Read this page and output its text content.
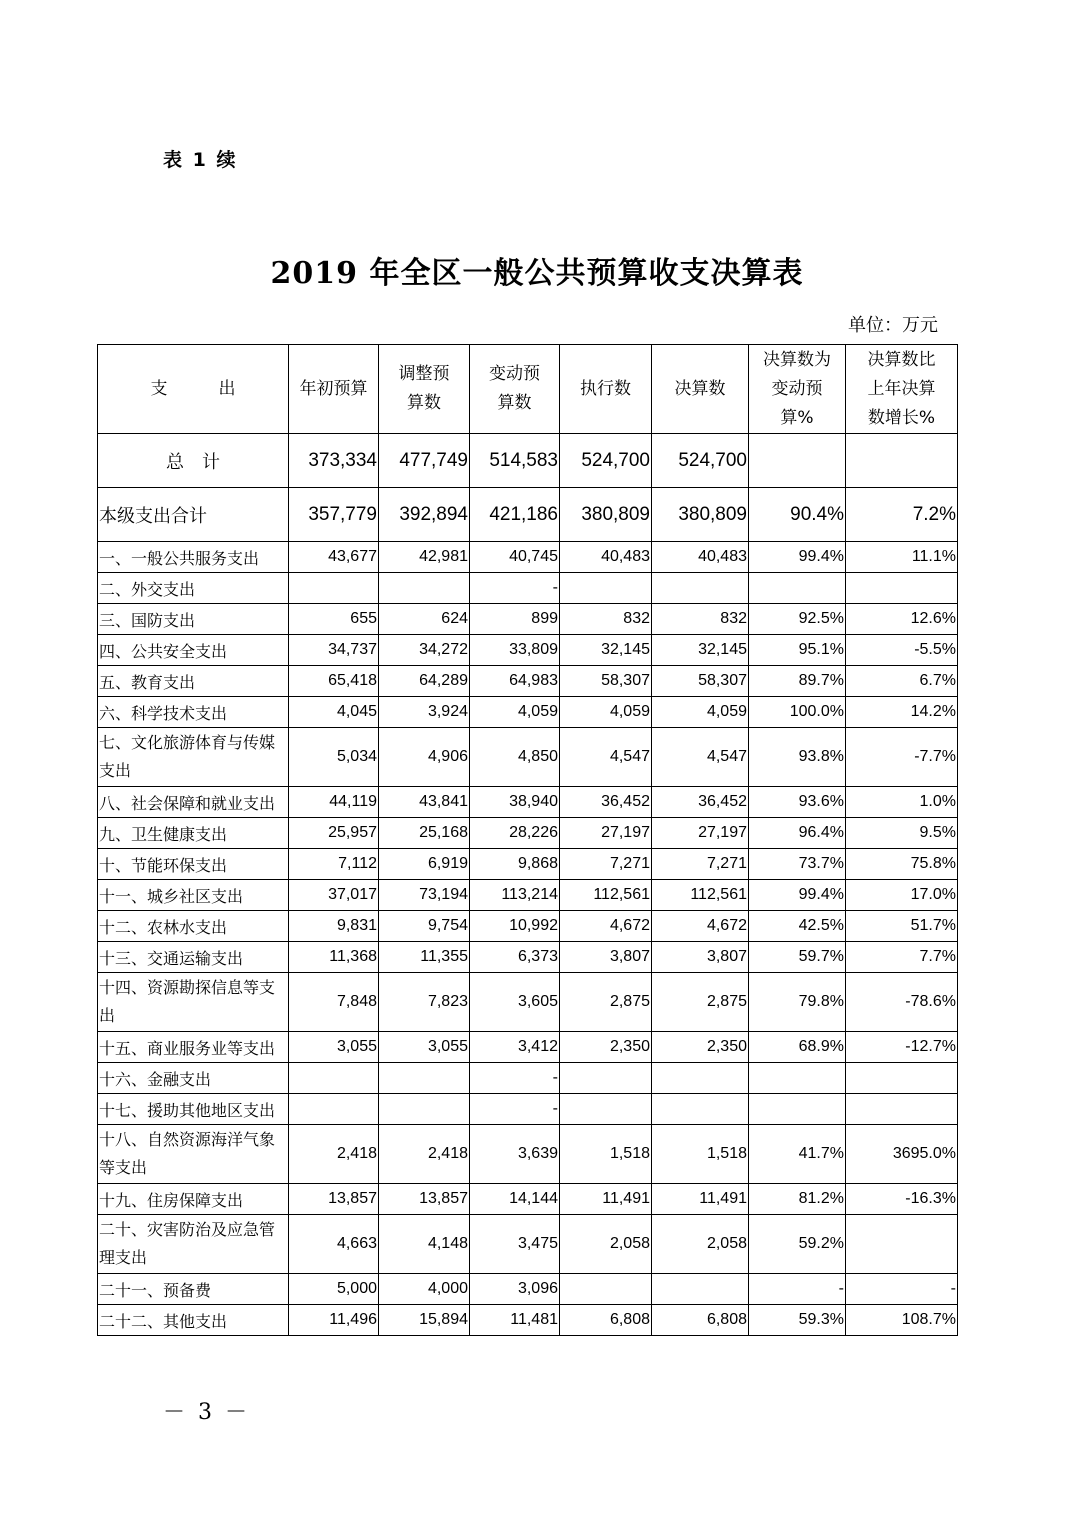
表 1 续
2019 年全区一般公共预算收支决算表
单位：万元
支　　　出	年初预算	调整预算数	变动预算数	执行数	决算数	决算数为变动预算%	决算数比上年决算数增长%
总　计	373,334	477,749	514,583	524,700	524,700		
本级支出合计	357,779	392,894	421,186	380,809	380,809	90.4%	7.2%
一、一般公共服务支出	43,677	42,981	40,745	40,483	40,483	99.4%	11.1%
二、外交支出			-				
三、国防支出	655	624	899	832	832	92.5%	12.6%
四、公共安全支出	34,737	34,272	33,809	32,145	32,145	95.1%	-5.5%
五、教育支出	65,418	64,289	64,983	58,307	58,307	89.7%	6.7%
六、科学技术支出	4,045	3,924	4,059	4,059	4,059	100.0%	14.2%
七、文化旅游体育与传媒支出	5,034	4,906	4,850	4,547	4,547	93.8%	-7.7%
八、社会保障和就业支出	44,119	43,841	38,940	36,452	36,452	93.6%	1.0%
九、卫生健康支出	25,957	25,168	28,226	27,197	27,197	96.4%	9.5%
十、节能环保支出	7,112	6,919	9,868	7,271	7,271	73.7%	75.8%
十一、城乡社区支出	37,017	73,194	113,214	112,561	112,561	99.4%	17.0%
十二、农林水支出	9,831	9,754	10,992	4,672	4,672	42.5%	51.7%
十三、交通运输支出	11,368	11,355	6,373	3,807	3,807	59.7%	7.7%
十四、资源勘探信息等支出	7,848	7,823	3,605	2,875	2,875	79.8%	-78.6%
十五、商业服务业等支出	3,055	3,055	3,412	2,350	2,350	68.9%	-12.7%
十六、金融支出			-				
十七、援助其他地区支出			-				
十八、自然资源海洋气象等支出	2,418	2,418	3,639	1,518	1,518	41.7%	3695.0%
十九、住房保障支出	13,857	13,857	14,144	11,491	11,491	81.2%	-16.3%
二十、灾害防治及应急管理支出	4,663	4,148	3,475	2,058	2,058	59.2%	
二十一、预备费	5,000	4,000	3,096			-	-
二十二、其他支出	11,496	15,894	11,481	6,808	6,808	59.3%	108.7%
－ 3 －
